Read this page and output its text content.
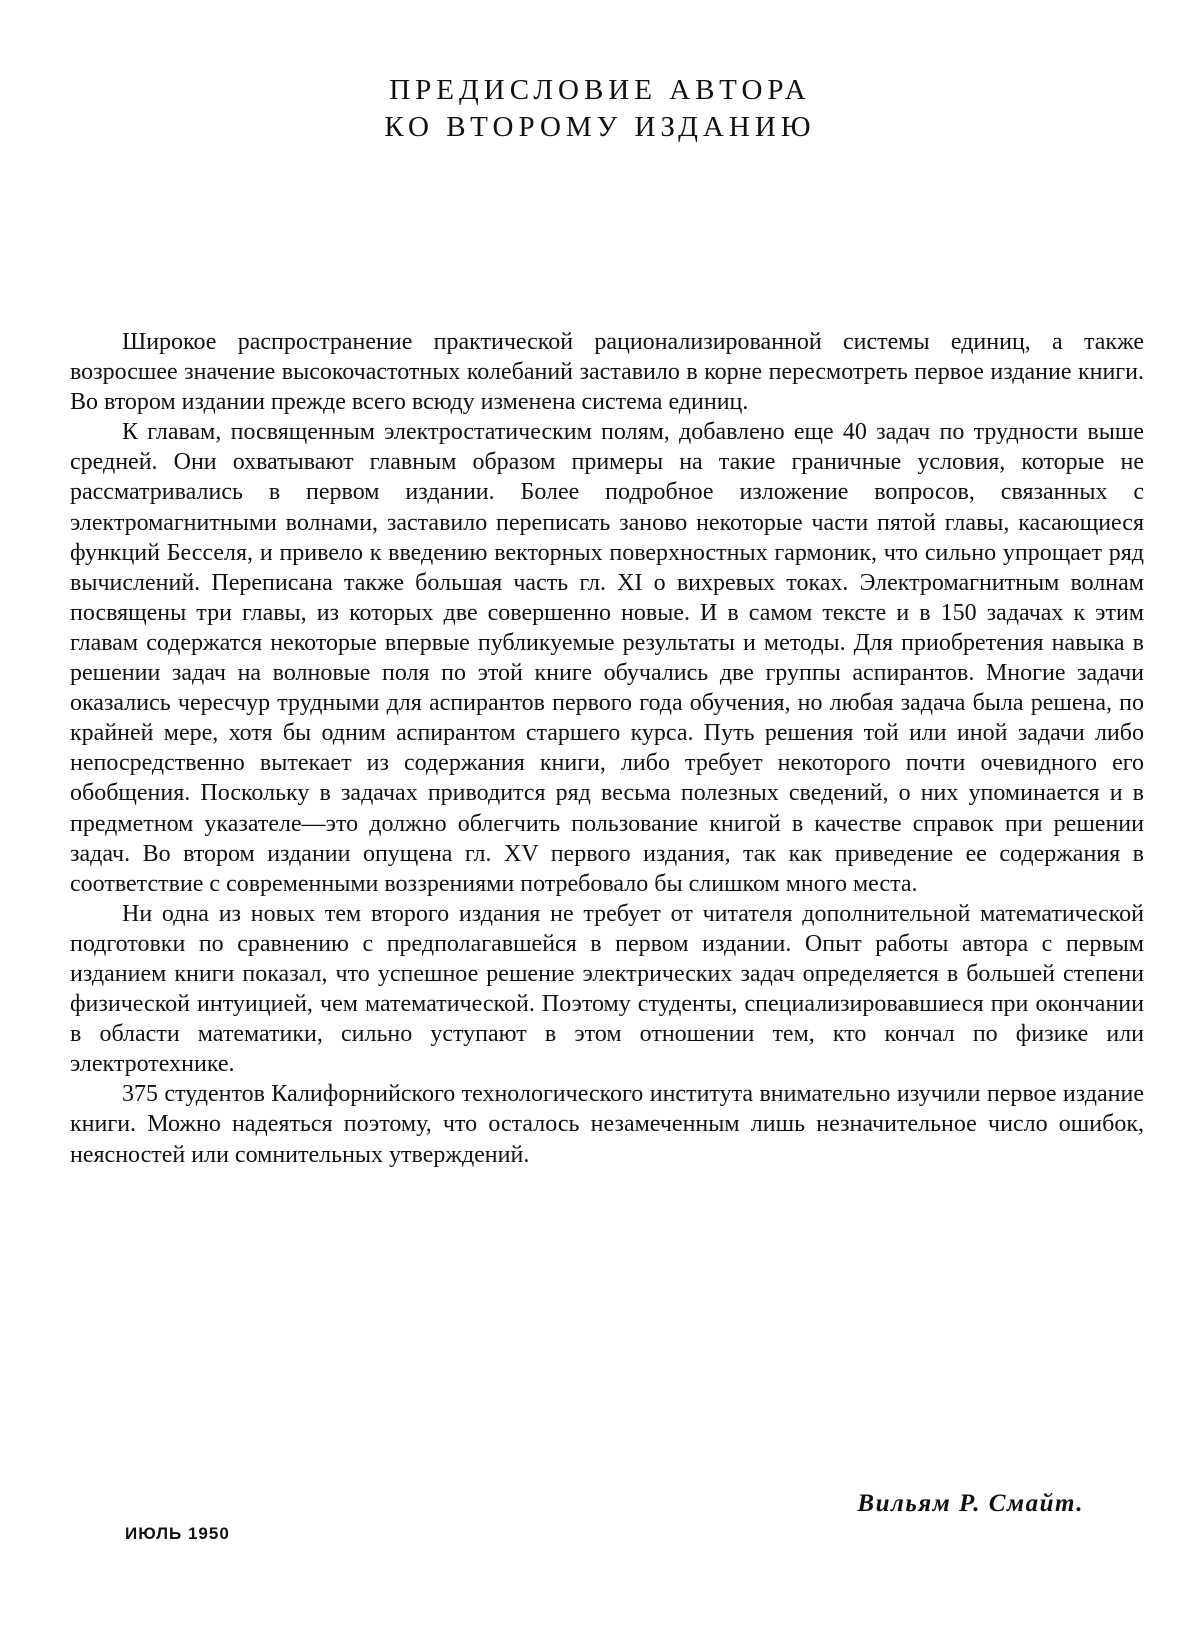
ПРЕДИСЛОВИЕ АВТОРА
КО ВТОРОМУ ИЗДАНИЮ

Широкое распространение практической рационализированной системы единиц, а также возросшее значение высокочастотных колебаний заставило в корне пересмотреть первое издание книги. Во втором издании прежде всего всюду изменена система единиц.

К главам, посвященным электростатическим полям, добавлено еще 40 задач по трудности выше средней. Они охватывают главным образом примеры на такие граничные условия, которые не рассматривались в первом издании. Более подробное изложение вопросов, связанных с электромагнитными волнами, заставило переписать заново некоторые части пятой главы, касающиеся функций Бесселя, и привело к введению векторных поверхностных гармоник, что сильно упрощает ряд вычислений. Переписана также большая часть гл. XI о вихревых токах. Электромагнитным волнам посвящены три главы, из которых две совершенно новые. И в самом тексте и в 150 задачах к этим главам содержатся некоторые впервые публикуемые результаты и методы. Для приобретения навыка в решении задач на волновые поля по этой книге обучались две группы аспирантов. Многие задачи оказались чересчур трудными для аспирантов первого года обучения, но любая задача была решена, по крайней мере, хотя бы одним аспирантом старшего курса. Путь решения той или иной задачи либо непосредственно вытекает из содержания книги, либо требует некоторого почти очевидного его обобщения. Поскольку в задачах приводится ряд весьма полезных сведений, о них упоминается и в предметном указателе—это должно облегчить пользование книгой в качестве справок при решении задач. Во втором издании опущена гл. XV первого издания, так как приведение ее содержания в соответствие с современными воззрениями потребовало бы слишком много места.

Ни одна из новых тем второго издания не требует от читателя дополнительной математической подготовки по сравнению с предполагавшейся в первом издании. Опыт работы автора с первым изданием книги показал, что успешное решение электрических задач определяется в большей степени физической интуицией, чем математической. Поэтому студенты, специализировавшиеся при окончании в области математики, сильно уступают в этом отношении тем, кто кончал по физике или электротехнике.

375 студентов Калифорнийского технологического института внимательно изучили первое издание книги. Можно надеяться поэтому, что осталось незамеченным лишь незначительное число ошибок, неясностей или сомнительных утверждений.

Вильям Р. Смайт.
ИЮЛЬ 1950
